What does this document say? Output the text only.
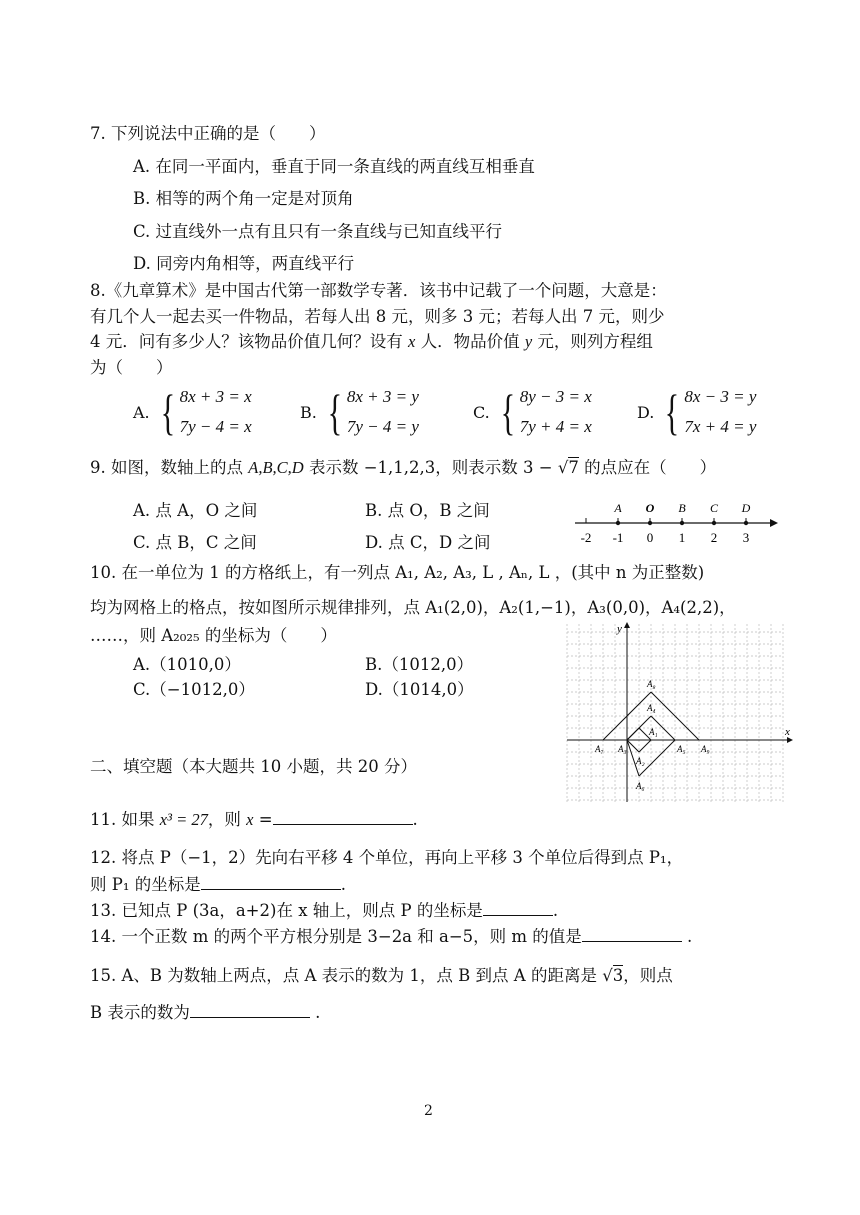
7. 下列说法中正确的是（　　）
A. 在同一平面内，垂直于同一条直线的两直线互相垂直
B. 相等的两个角一定是对顶角
C. 过直线外一点有且只有一条直线与已知直线平行
D. 同旁内角相等，两直线平行
8.《九章算术》是中国古代第一部数学专著．该书中记载了一个问题，大意是：
有几个人一起去买一件物品，若每人出 8 元，则多 3 元；若每人出 7 元，则少
4 元．问有多少人？该物品价值几何？设有 x 人．物品价值 y 元，则列方程组
为（　　）
A. { 8x + 3 = x
7y − 4 = x
B. { 8x + 3 = y
7y − 4 = y
C. { 8y − 3 = x
7y + 4 = x
D. { 8x − 3 = y
7x + 4 = y
9. 如图，数轴上的点 A,B,C,D 表示数 −1,1,2,3，则表示数 3 − √7 的点应在（　　）
A. 点 A，O 之间	B. 点 O，B 之间
C. 点 B，C 之间	D. 点 C，D 之间	-2 -1 0 1 2 3
A O B C D
10. 在一单位为 1 的方格纸上，有一列点 A₁, A₂, A₃, L , Aₙ, L ，(其中 n 为正整数)
均为网格上的格点，按如图所示规律排列，点 A₁(2,0)，A₂(1,−1)，A₃(0,0)，A₄(2,2)，
……，则 A₂₀₂₅ 的坐标为（　　）
A.（1010,0）	B.（1012,0）
C.（−1012,0）	D.（1014,0）
x
y
A₁
A₂
A₃
A₄
A₅
A₆
A₇
A₈
A₉
二、填空题（本大题共 10 小题，共 20 分）
11. 如果 x³ = 27，则 x =	.
12. 将点 P（−1，2）先向右平移 4 个单位，再向上平移 3 个单位后得到点 P₁，
则 P₁ 的坐标是	.
13. 已知点 P (3a，a+2)在 x 轴上，则点 P 的坐标是	.
14. 一个正数 m 的两个平方根分别是 3−2a 和 a−5，则 m 的值是	.
15. A、B 为数轴上两点，点 A 表示的数为 1，点 B 到点 A 的距离是 √3，则点
B 表示的数为	.
2
